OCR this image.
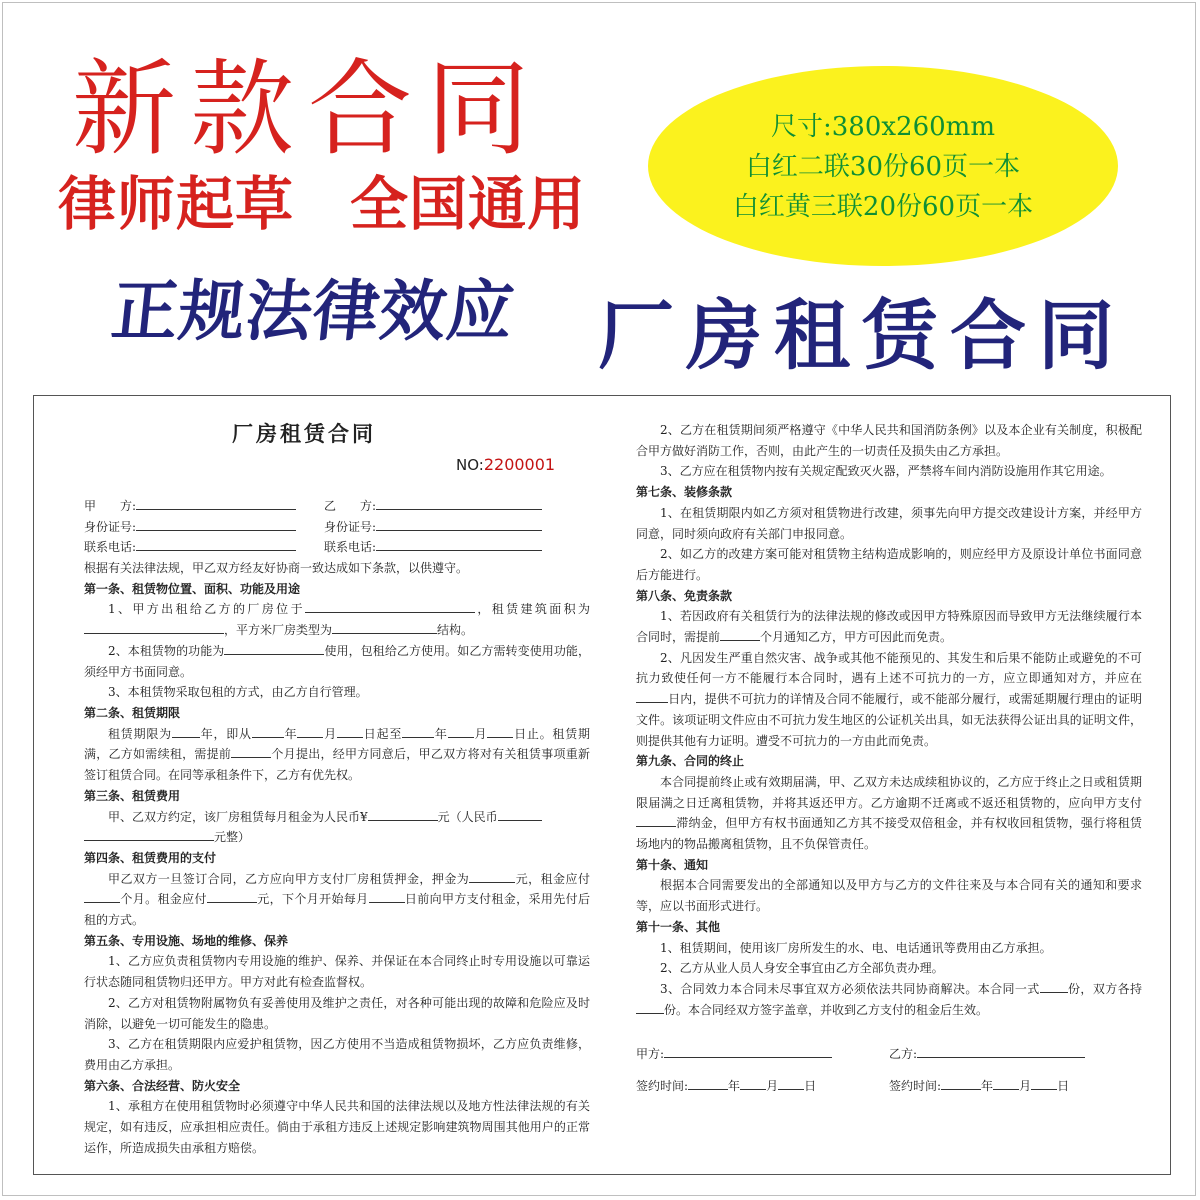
新款合同
律师起草 全国通用
正规法律效应	厂房租赁合同
尺寸:380x260mm
白红二联30份60页一本
白红黄三联20份60页一本
厂房租赁合同
NO:2200001
甲　　方:	乙　　方:
身份证号:	身份证号:
联系电话:	联系电话:

根据有关法律法规，甲乙双方经友好协商一致达成如下条款，以供遵守。

第一条、租赁物位置、面积、功能及用途

1、甲方出租给乙方的厂房位于	，租赁建筑面积为，平方米厂房类型为	结构。

2、本租赁物的功能为	使用，包租给乙方使用。如乙方需转变使用功能，须经甲方书面同意。

3、本租赁物采取包租的方式，由乙方自行管理。

第二条、租赁期限

租赁期限为 年，即从	年 月 日起至	年 月 日止。租赁期满，乙方如需续租，需提前	个月提出，经甲方同意后，甲乙双方将对有关租赁事项重新签订租赁合同。在同等承租条件下，乙方有优先权。

第三条、租赁费用

甲、乙双方约定，该厂房租赁每月租金为人民币¥	元（人民币
元整）

第四条、租赁费用的支付

甲乙双方一旦签订合同，乙方应向甲方支付厂房租赁押金，押金为	元，租金应付个月。租金应付	元，下个月开始每月	日前向甲方支付租金，采用先付后租的方式。

第五条、专用设施、场地的维修、保养

1、乙方应负责租赁物内专用设施的维护、保养、并保证在本合同终止时专用设施以可靠运行状态随同租赁物归还甲方。甲方对此有检查监督权。

2、乙方对租赁物附属物负有妥善使用及维护之责任，对各种可能出现的故障和危险应及时消除，以避免一切可能发生的隐患。

3、乙方在租赁期限内应爱护租赁物，因乙方使用不当造成租赁物损坏，乙方应负责维修，费用由乙方承担。

第六条、合法经营、防火安全

1、承租方在使用租赁物时必须遵守中华人民共和国的法律法规以及地方性法律法规的有关规定，如有违反，应承担相应责任。倘由于承租方违反上述规定影响建筑物周围其他用户的正常运作，所造成损失由承租方赔偿。

2、乙方在租赁期间须严格遵守《中华人民共和国消防条例》以及本企业有关制度，积极配合甲方做好消防工作，否则，由此产生的一切责任及损失由乙方承担。

3、乙方应在租赁物内按有关规定配致灭火器，严禁将车间内消防设施用作其它用途。

第七条、装修条款

1、在租赁期限内如乙方须对租赁物进行改建，须事先向甲方提交改建设计方案，并经甲方同意，同时须向政府有关部门申报同意。

2、如乙方的改建方案可能对租赁物主结构造成影响的，则应经甲方及原设计单位书面同意后方能进行。

第八条、免责条款

1、若因政府有关租赁行为的法律法规的修改或因甲方特殊原因而导致甲方无法继续履行本合同时，需提前	个月通知乙方，甲方可因此而免责。

2、凡因发生严重自然灾害、战争或其他不能预见的、其发生和后果不能防止或避免的不可抗力致使任何一方不能履行本合同时，遇有上述不可抗力的一方，应立即通知对方，并应在日内，提供不可抗力的详情及合同不能履行，或不能部分履行，或需延期履行理由的证明文件。该项证明文件应由不可抗力发生地区的公证机关出具，如无法获得公证出具的证明文件，则提供其他有力证明。遭受不可抗力的一方由此而免责。

第九条、合同的终止

本合同提前终止或有效期届满，甲、乙双方未达成续租协议的，乙方应于终止之日或租赁期限届满之日迁离租赁物，并将其返还甲方。乙方逾期不迁离或不返还租赁物的，应向甲方支付滞纳金，但甲方有权书面通知乙方其不接受双倍租金，并有权收回租赁物，强行将租赁场地内的物品搬离租赁物，且不负保管责任。

第十条、通知

根据本合同需要发出的全部通知以及甲方与乙方的文件往来及与本合同有关的通知和要求等，应以书面形式进行。

第十一条、其他

1、租赁期间，使用该厂房所发生的水、电、电话通讯等费用由乙方承担。

2、乙方从业人员人身安全事宜由乙方全部负责办理。

3、合同效力本合同未尽事宜双方必须依法共同协商解决。本合同一式 份，双方各持份。本合同经双方签字盖章，并收到乙方支付的租金后生效。

甲方:	乙方:
签约时间:	年 月 日	签约时间:	年 月 日
